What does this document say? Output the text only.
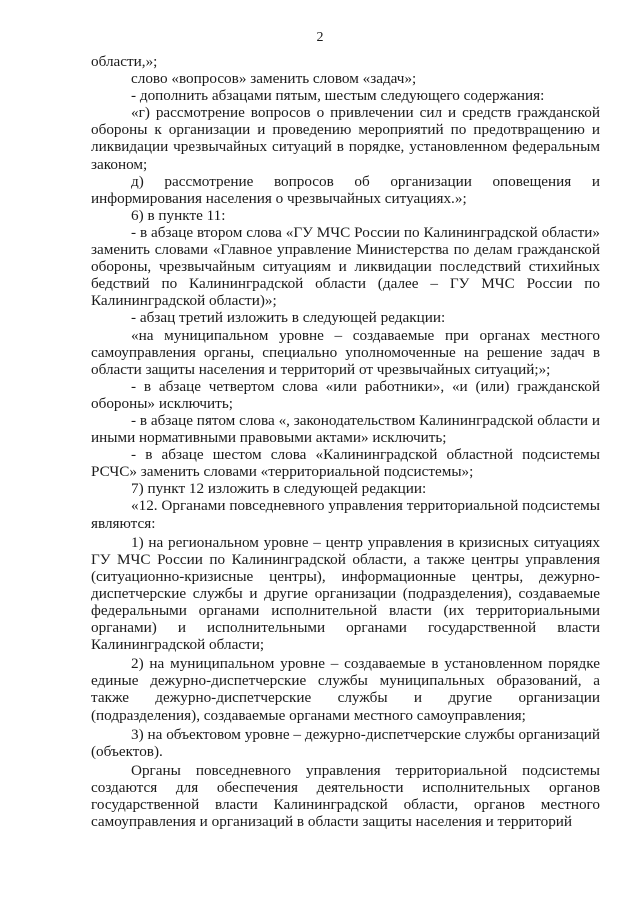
2

области,»;

слово «вопросов» заменить словом «задач»;

- дополнить абзацами пятым, шестым следующего содержания:

«г) рассмотрение вопросов о привлечении сил и средств гражданской обороны к организации и проведению мероприятий по предотвращению и ликвидации чрезвычайных ситуаций в порядке, установленном федеральным законом;

д) рассмотрение вопросов об организации оповещения и информирования населения о чрезвычайных ситуациях.»;

6) в пункте 11:

- в абзаце втором слова «ГУ МЧС России по Калининградской области» заменить словами «Главное управление Министерства по делам гражданской обороны, чрезвычайным ситуациям и ликвидации последствий стихийных бедствий по Калининградской области (далее – ГУ МЧС России по Калининградской области)»;

- абзац третий изложить в следующей редакции:

«на муниципальном уровне – создаваемые при органах местного самоуправления органы, специально уполномоченные на решение задач в области защиты населения и территорий от чрезвычайных ситуаций;»;

- в абзаце четвертом слова «или работники», «и (или) гражданской обороны» исключить;

- в абзаце пятом слова «, законодательством Калининградской области и иными нормативными правовыми актами» исключить;

- в абзаце шестом слова «Калининградской областной подсистемы РСЧС» заменить словами «территориальной подсистемы»;

7) пункт 12 изложить в следующей редакции:

«12. Органами повседневного управления территориальной подсистемы являются:

1) на региональном уровне – центр управления в кризисных ситуациях ГУ МЧС России по Калининградской области, а также центры управления (ситуационно-кризисные центры), информационные центры, дежурно-диспетчерские службы и другие организации (подразделения), создаваемые федеральными органами исполнительной власти (их территориальными органами) и исполнительными органами государственной власти Калининградской области;

2) на муниципальном уровне – создаваемые в установленном порядке единые дежурно-диспетчерские службы муниципальных образований, а также дежурно-диспетчерские службы и другие организации (подразделения), создаваемые органами местного самоуправления;

3) на объектовом уровне – дежурно-диспетчерские службы организаций (объектов).

Органы повседневного управления территориальной подсистемы создаются для обеспечения деятельности исполнительных органов государственной власти Калининградской области, органов местного самоуправления и организаций в области защиты населения и территорий
